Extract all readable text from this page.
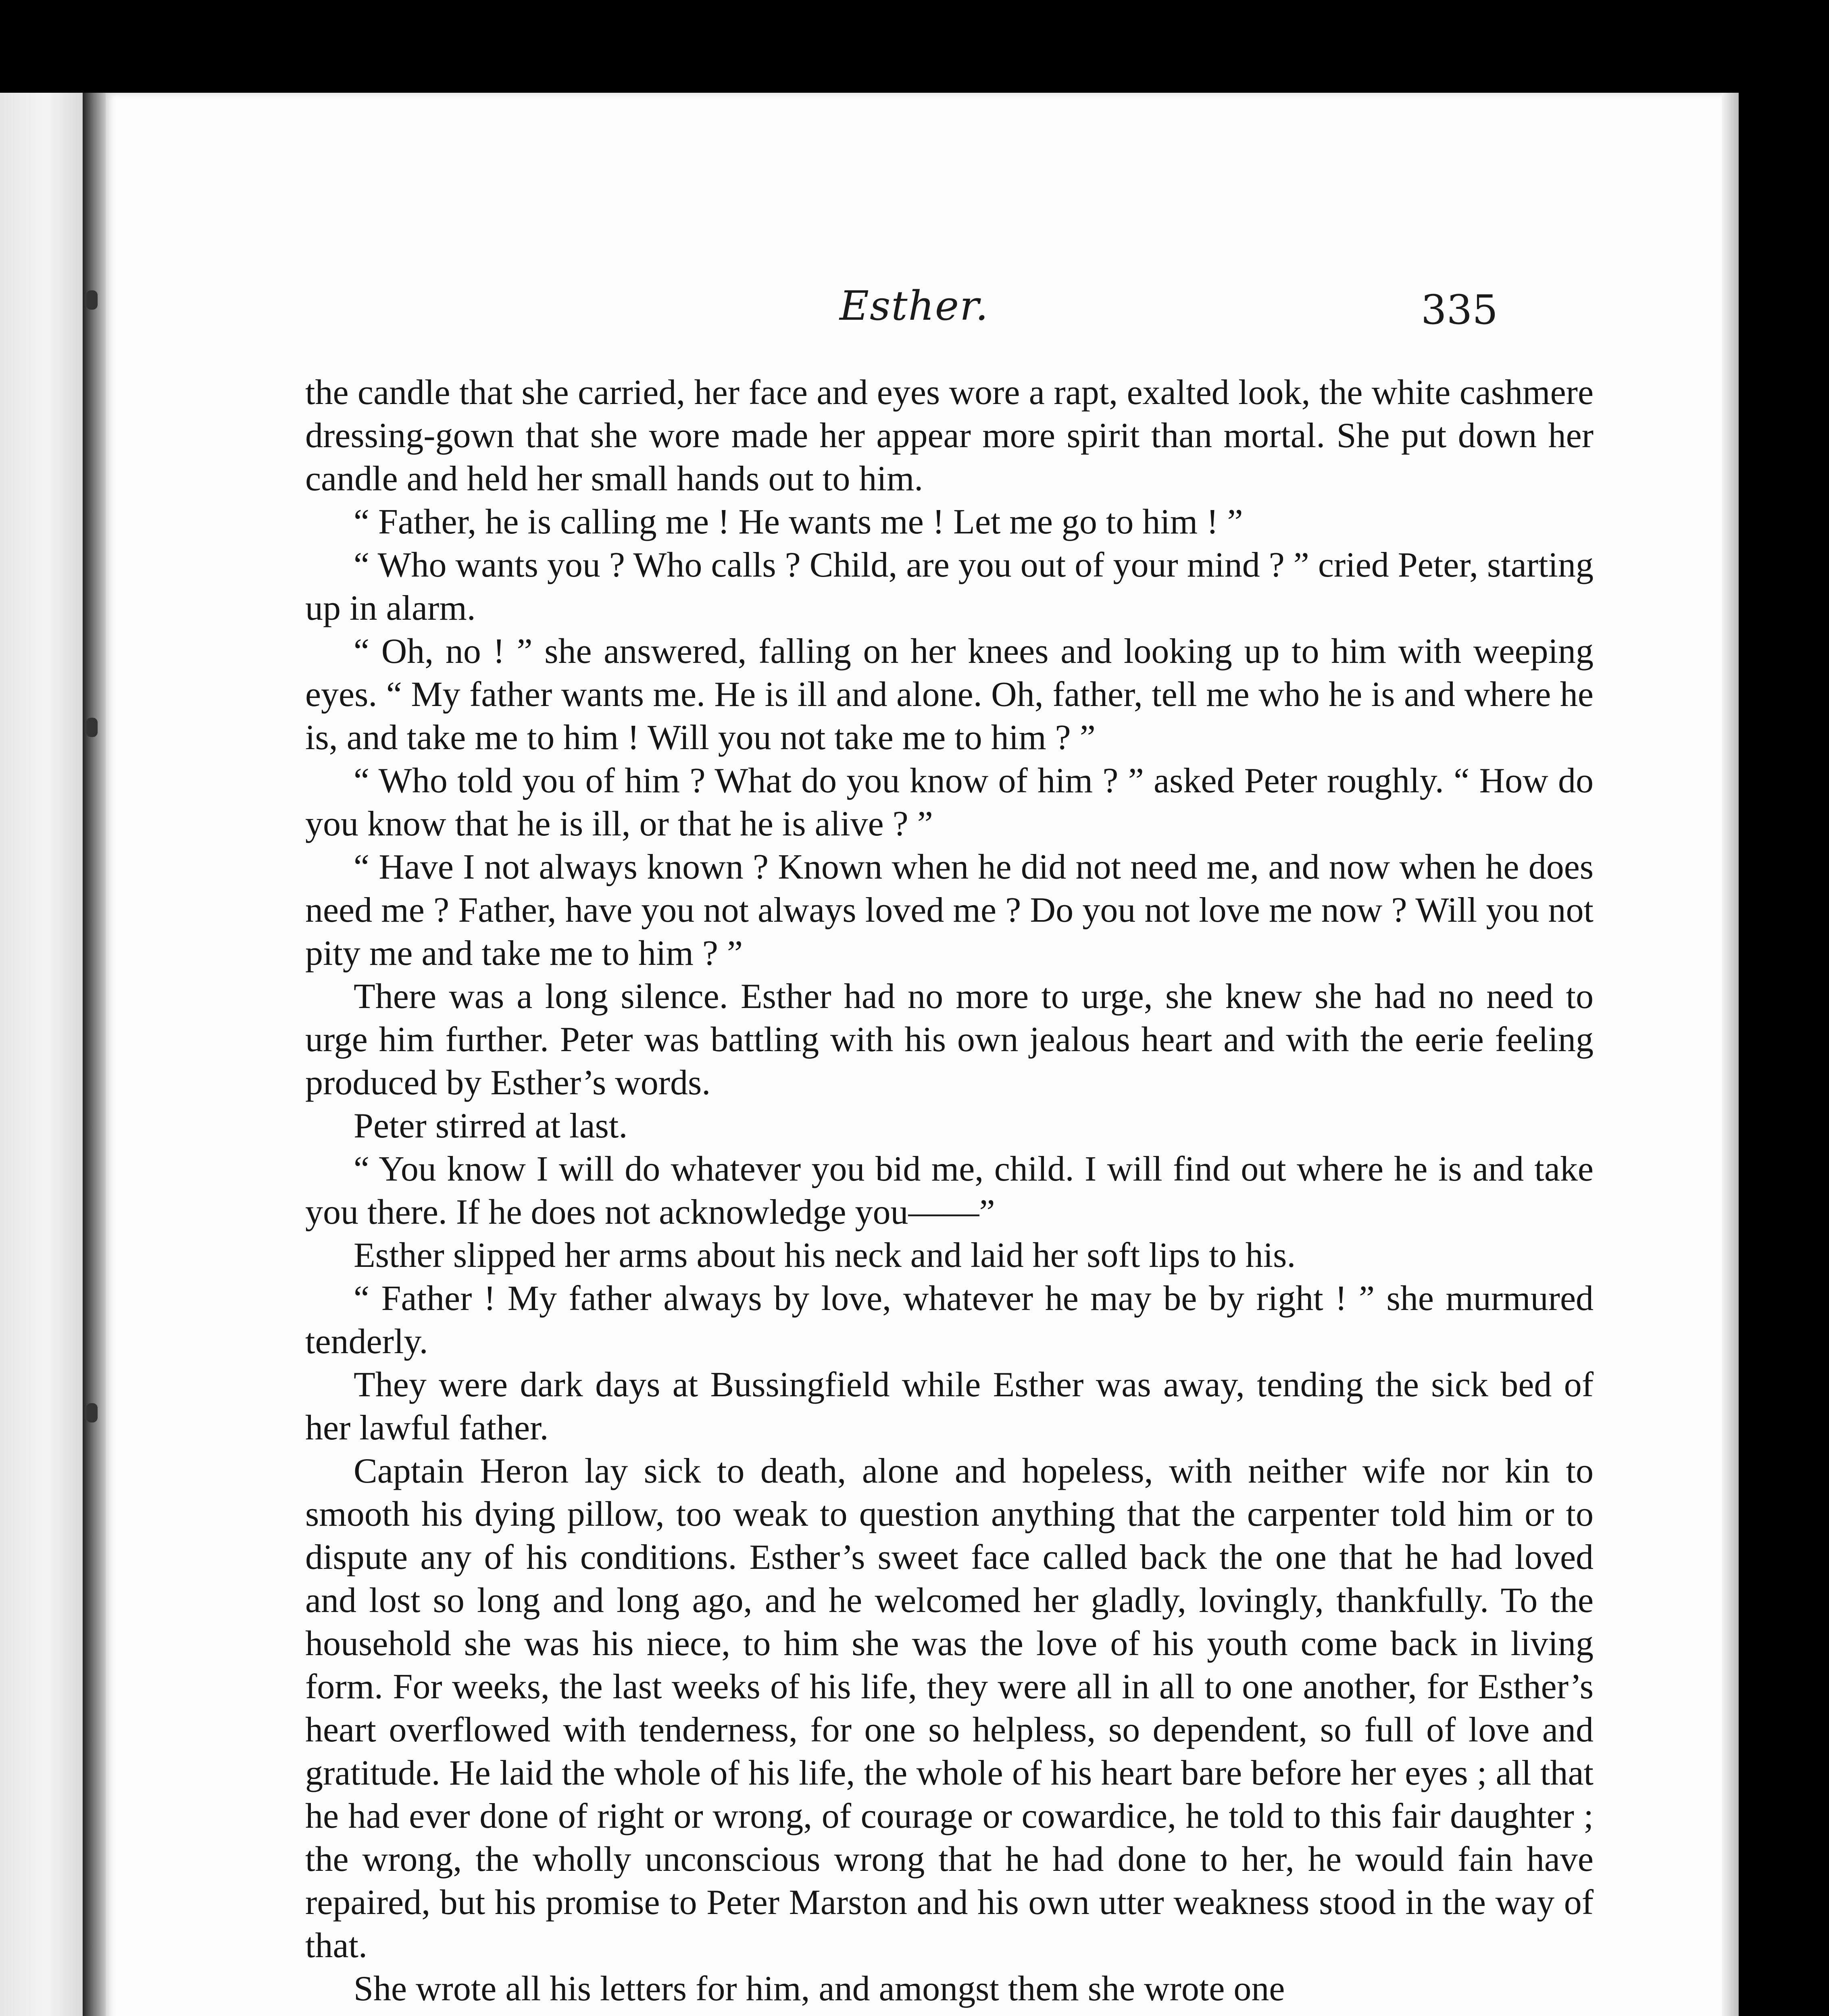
Esther.	335

the candle that she carried, her face and eyes wore a rapt, exalted look, the white cashmere dressing-gown that she wore made her appear more spirit than mortal. She put down her candle and held her small hands out to him.

“ Father, he is calling me ! He wants me ! Let me go to him ! ”

“ Who wants you ? Who calls ? Child, are you out of your mind ? ” cried Peter, starting up in alarm.

“ Oh, no ! ” she answered, falling on her knees and looking up to him with weeping eyes. “ My father wants me. He is ill and alone. Oh, father, tell me who he is and where he is, and take me to him ! Will you not take me to him ? ”

“ Who told you of him ? What do you know of him ? ” asked Peter roughly. “ How do you know that he is ill, or that he is alive ? ”

“ Have I not always known ? Known when he did not need me, and now when he does need me ? Father, have you not always loved me ? Do you not love me now ? Will you not pity me and take me to him ? ”

There was a long silence. Esther had no more to urge, she knew she had no need to urge him further. Peter was battling with his own jealous heart and with the eerie feeling produced by Esther’s words.

Peter stirred at last.

“ You know I will do whatever you bid me, child. I will find out where he is and take you there. If he does not acknowledge you——”

Esther slipped her arms about his neck and laid her soft lips to his.

“ Father ! My father always by love, whatever he may be by right ! ” she murmured tenderly.

They were dark days at Bussingfield while Esther was away, tending the sick bed of her lawful father.

Captain Heron lay sick to death, alone and hopeless, with neither wife nor kin to smooth his dying pillow, too weak to question anything that the carpenter told him or to dispute any of his conditions. Esther’s sweet face called back the one that he had loved and lost so long and long ago, and he welcomed her gladly, lovingly, thankfully. To the household she was his niece, to him she was the love of his youth come back in living form. For weeks, the last weeks of his life, they were all in all to one another, for Esther’s heart overflowed with tenderness, for one so helpless, so dependent, so full of love and gratitude. He laid the whole of his life, the whole of his heart bare before her eyes ; all that he had ever done of right or wrong, of courage or cowardice, he told to this fair daughter ; the wrong, the wholly unconscious wrong that he had done to her, he would fain have repaired, but his promise to Peter Marston and his own utter weakness stood in the way of that.

She wrote all his letters for him, and amongst them she wrote one
